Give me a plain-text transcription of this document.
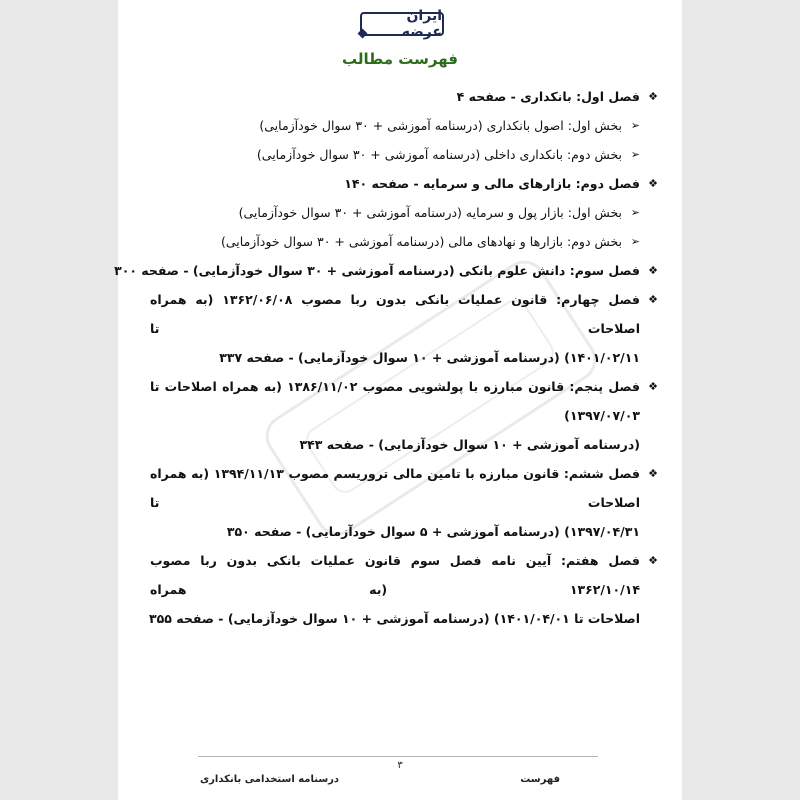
ایران عرضه
فهرست مطالب
❖
فصل اول: بانکداری - صفحه ۴
➢
بخش اول: اصول بانکداری (درسنامه آموزشی + ۳۰ سوال خودآزمایی)
➢
بخش دوم: بانکداری داخلی (درسنامه آموزشی + ۳۰ سوال خودآزمایی)
❖
فصل دوم: بازارهای مالی و سرمایه - صفحه ۱۴۰
➢
بخش اول: بازار پول و سرمایه (درسنامه آموزشی + ۳۰ سوال خودآزمایی)
➢
بخش دوم: بازارها و نهادهای مالی (درسنامه آموزشی + ۳۰ سوال خودآزمایی)
❖
فصل سوم: دانش علوم بانکی (درسنامه آموزشی + ۳۰ سوال خودآزمایی) - صفحه ۳۰۰
❖
فصل چهارم: قانون عملیات بانکی بدون ربا مصوب ۱۳۶۲/۰۶/۰۸ (به همراه اصلاحات تا
۱۴۰۱/۰۲/۱۱) (درسنامه آموزشی + ۱۰ سوال خودآزمایی) - صفحه ۳۳۷
❖
فصل پنجم: قانون مبارزه با پولشویی مصوب ۱۳۸۶/۱۱/۰۲ (به همراه اصلاحات تا ۱۳۹۷/۰۷/۰۳)
(درسنامه آموزشی + ۱۰ سوال خودآزمایی) - صفحه ۳۴۳
❖
فصل ششم: قانون مبارزه با تامین مالی تروریسم مصوب ۱۳۹۴/۱۱/۱۳ (به همراه اصلاحات تا
۱۳۹۷/۰۴/۳۱) (درسنامه آموزشی + ۵ سوال خودآزمایی) - صفحه ۳۵۰
❖
فصل هفتم: آیین نامه فصل سوم قانون عملیات بانکی بدون ربا مصوب ۱۳۶۲/۱۰/۱۴ (به همراه
اصلاحات تا ۱۴۰۱/۰۴/۰۱) (درسنامه آموزشی + ۱۰ سوال خودآزمایی) - صفحه ۳۵۵
۳
فهرست
درسنامه استخدامی بانکداری
